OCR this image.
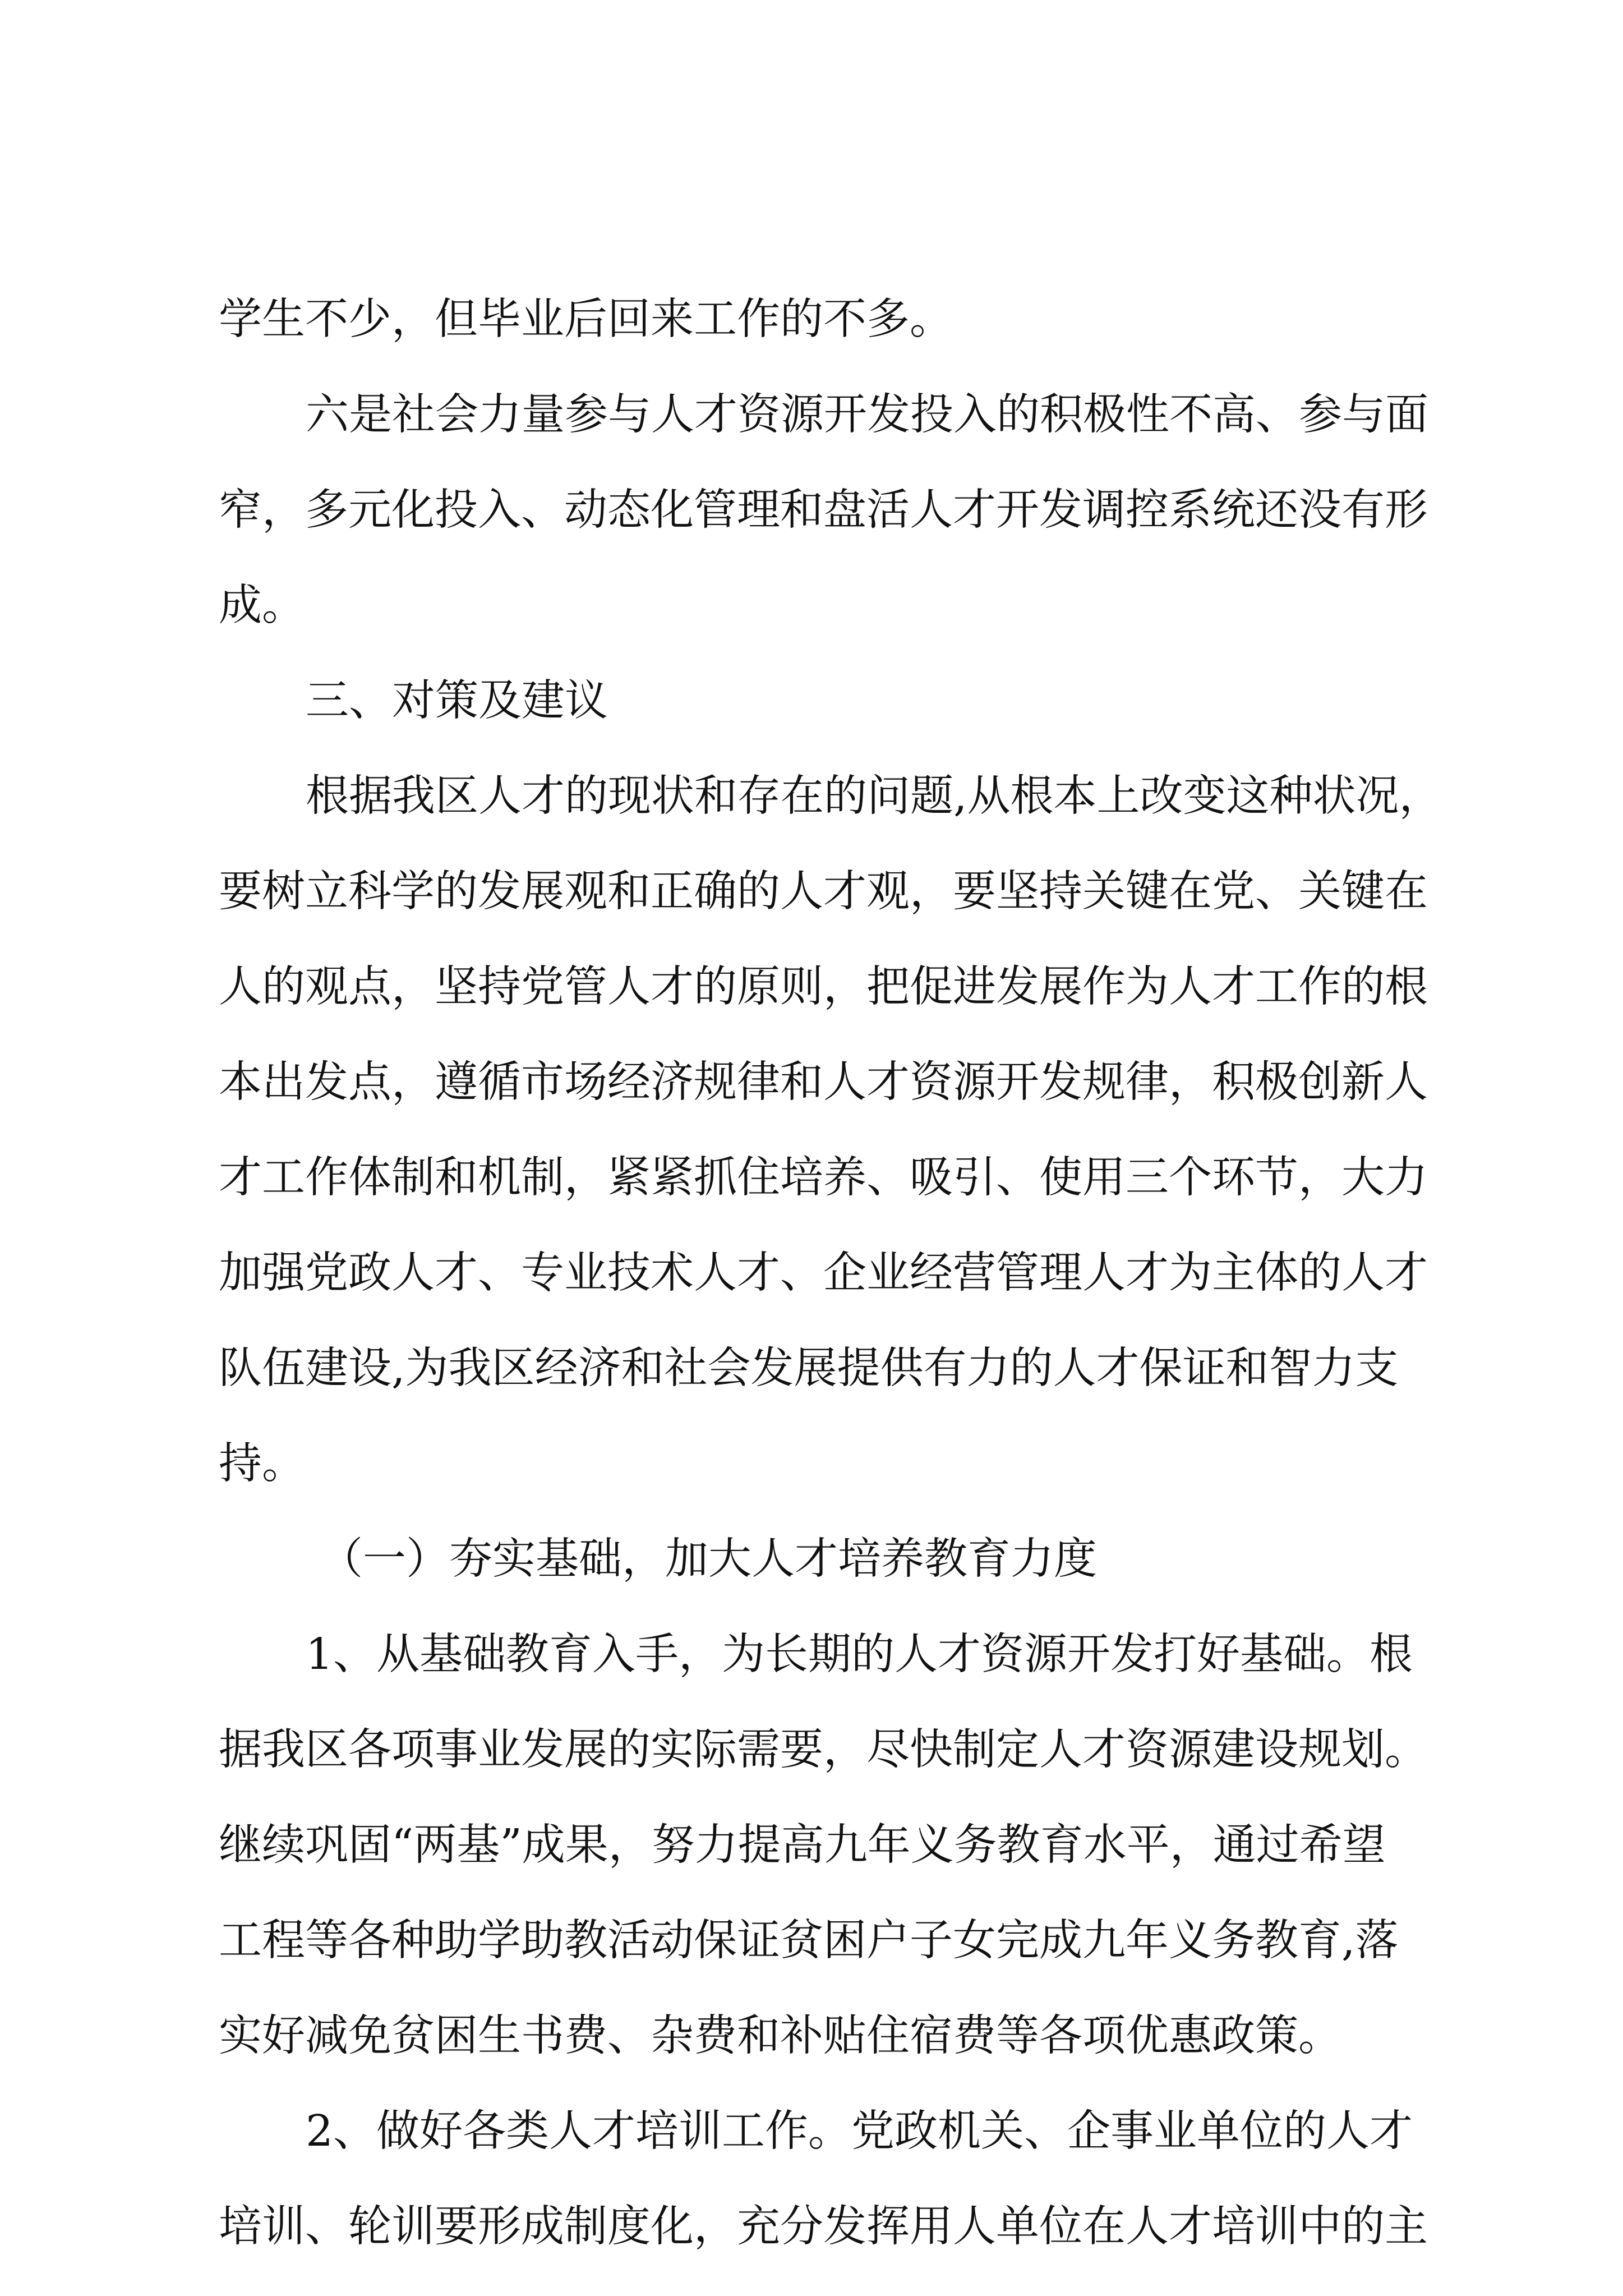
学生不少，但毕业后回来工作的不多。

六是社会力量参与人才资源开发投入的积极性不高、参与面

窄，多元化投入、动态化管理和盘活人才开发调控系统还没有形

成。

三、对策及建议

根据我区人才的现状和存在的问题,从根本上改变这种状况，

要树立科学的发展观和正确的人才观，要坚持关键在党、关键在

人的观点，坚持党管人才的原则，把促进发展作为人才工作的根

本出发点，遵循市场经济规律和人才资源开发规律，积极创新人

才工作体制和机制，紧紧抓住培养、吸引、使用三个环节，大力

加强党政人才、专业技术人才、企业经营管理人才为主体的人才

队伍建设,为我区经济和社会发展提供有力的人才保证和智力支

持。

（一）夯实基础，加大人才培养教育力度

1、从基础教育入手，为长期的人才资源开发打好基础。根

据我区各项事业发展的实际需要，尽快制定人才资源建设规划。

继续巩固“两基”成果，努力提高九年义务教育水平，通过希望

工程等各种助学助教活动保证贫困户子女完成九年义务教育,落

实好减免贫困生书费、杂费和补贴住宿费等各项优惠政策。

2、做好各类人才培训工作。党政机关、企事业单位的人才

培训、轮训要形成制度化，充分发挥用人单位在人才培训中的主
